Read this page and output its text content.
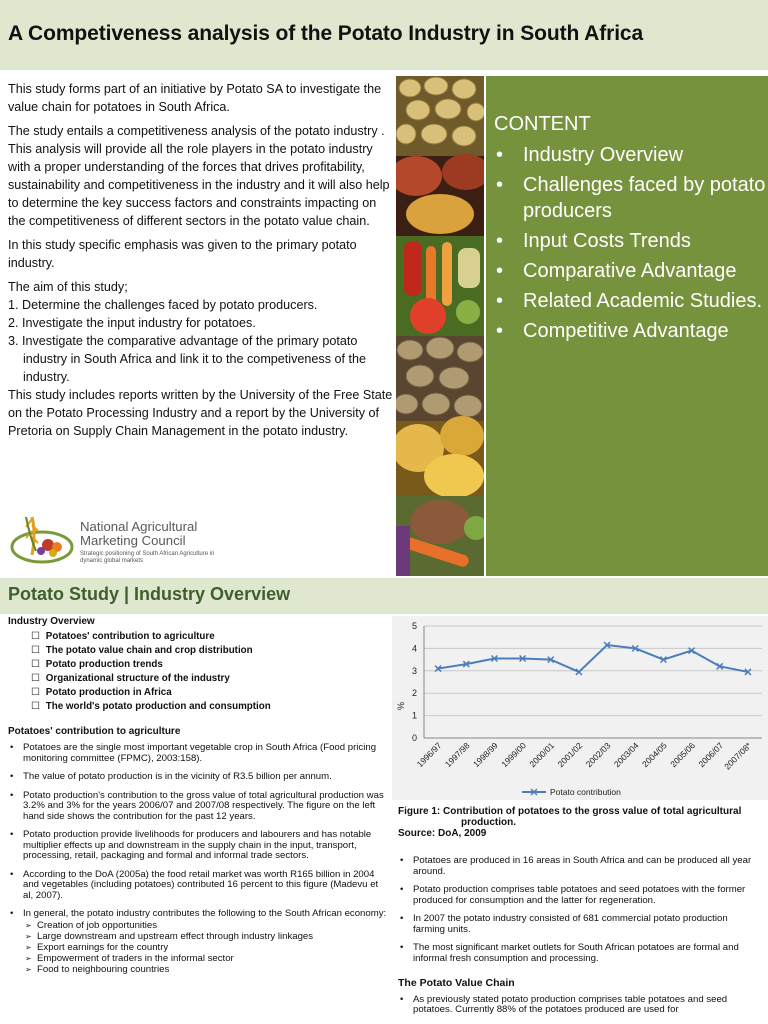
A Competiveness analysis of the Potato Industry in South Africa

This study forms part of an initiative by Potato SA to investigate the value chain for potatoes in South Africa.

The study entails a competitiveness analysis of the potato industry . This analysis will provide all the role players in the potato industry with a proper understanding of the forces that drives profitability, sustainability and competitiveness in the industry and it will also help to determine the key success factors and constraints impacting on the competitiveness of different sectors in the potato value chain.

In this study specific emphasis was given to the primary potato industry.

The aim of this study;

1. Determine the challenges faced by potato producers.
2. Investigate the input industry for potatoes.
3. Investigate the comparative advantage of the primary potato industry in South Africa and link it to the competiveness of the industry.

This study includes reports written by the University of the Free State on the Potato Processing Industry and a report by the University of Pretoria on Supply Chain Management in the potato industry.

National Agricultural
Marketing Council
Strategic positioning of South African Agriculture in dynamic global markets
CONTENT
• Industry Overview
• Challenges faced by potato producers
• Input Costs Trends
• Comparative Advantage
• Related Academic Studies.
• Competitive Advantage
Potato Study | Industry Overview
Industry Overview
☐ Potatoes' contribution to agriculture
☐ The potato value chain and crop distribution
☐ Potato production trends
☐ Organizational structure of the industry
☐ Potato production in Africa
☐ The world's potato production and consumption
Potatoes' contribution to agriculture
• Potatoes are the single most important vegetable crop in South Africa (Food pricing monitoring committee (FPMC), 2003:158).
• The value of potato production is in the vicinity of R3.5 billion per annum.
• Potato production's contribution to the gross value of total agricultural production was 3.2% and 3% for the years 2006/07 and 2007/08 respectively. The figure on the left hand side shows the contribution for the past 12 years.
• Potato production provide livelihoods for producers and labourers and has notable multiplier effects up and downstream in the supply chain in the input, transport, processing, retail, packaging and formal and informal trade sectors.
• According to the DoA (2005a) the food retail market was worth R165 billion in 2004 and vegetables (including potatoes) contributed 16 percent to this figure (Madevu et al, 2007).
• In general, the potato industry contributes the following to the South African economy:
➢ Creation of job opportunities
➢ Large downstream and upstream effect through industry linkages
➢ Export earnings for the country
➢ Empowerment of traders in the informal sector
➢ Food to neighbouring countries
0
1
2
3
4
5
%
1996/97 1997/98 1998/99 1999/00 2000/01 2001/02 2002/03 2003/04 2004/05 2005/06 2006/07
2007/08*
Potato contribution
Figure 1: Contribution of potatoes to the gross value of total agricultural
production.
Source: DoA, 2009
• Potatoes are produced in 16 areas in South Africa and can be produced all year around.
• Potato production comprises table potatoes and seed potatoes with the former produced for consumption and the latter for regeneration.
• In 2007 the potato industry consisted of 681 commercial potato production farming units.
• The most significant market outlets for South African potatoes are formal and informal fresh consumption and processing.
The Potato Value Chain
• As previously stated potato production comprises table potatoes and seed potatoes. Currently 88% of the potatoes produced are used for
